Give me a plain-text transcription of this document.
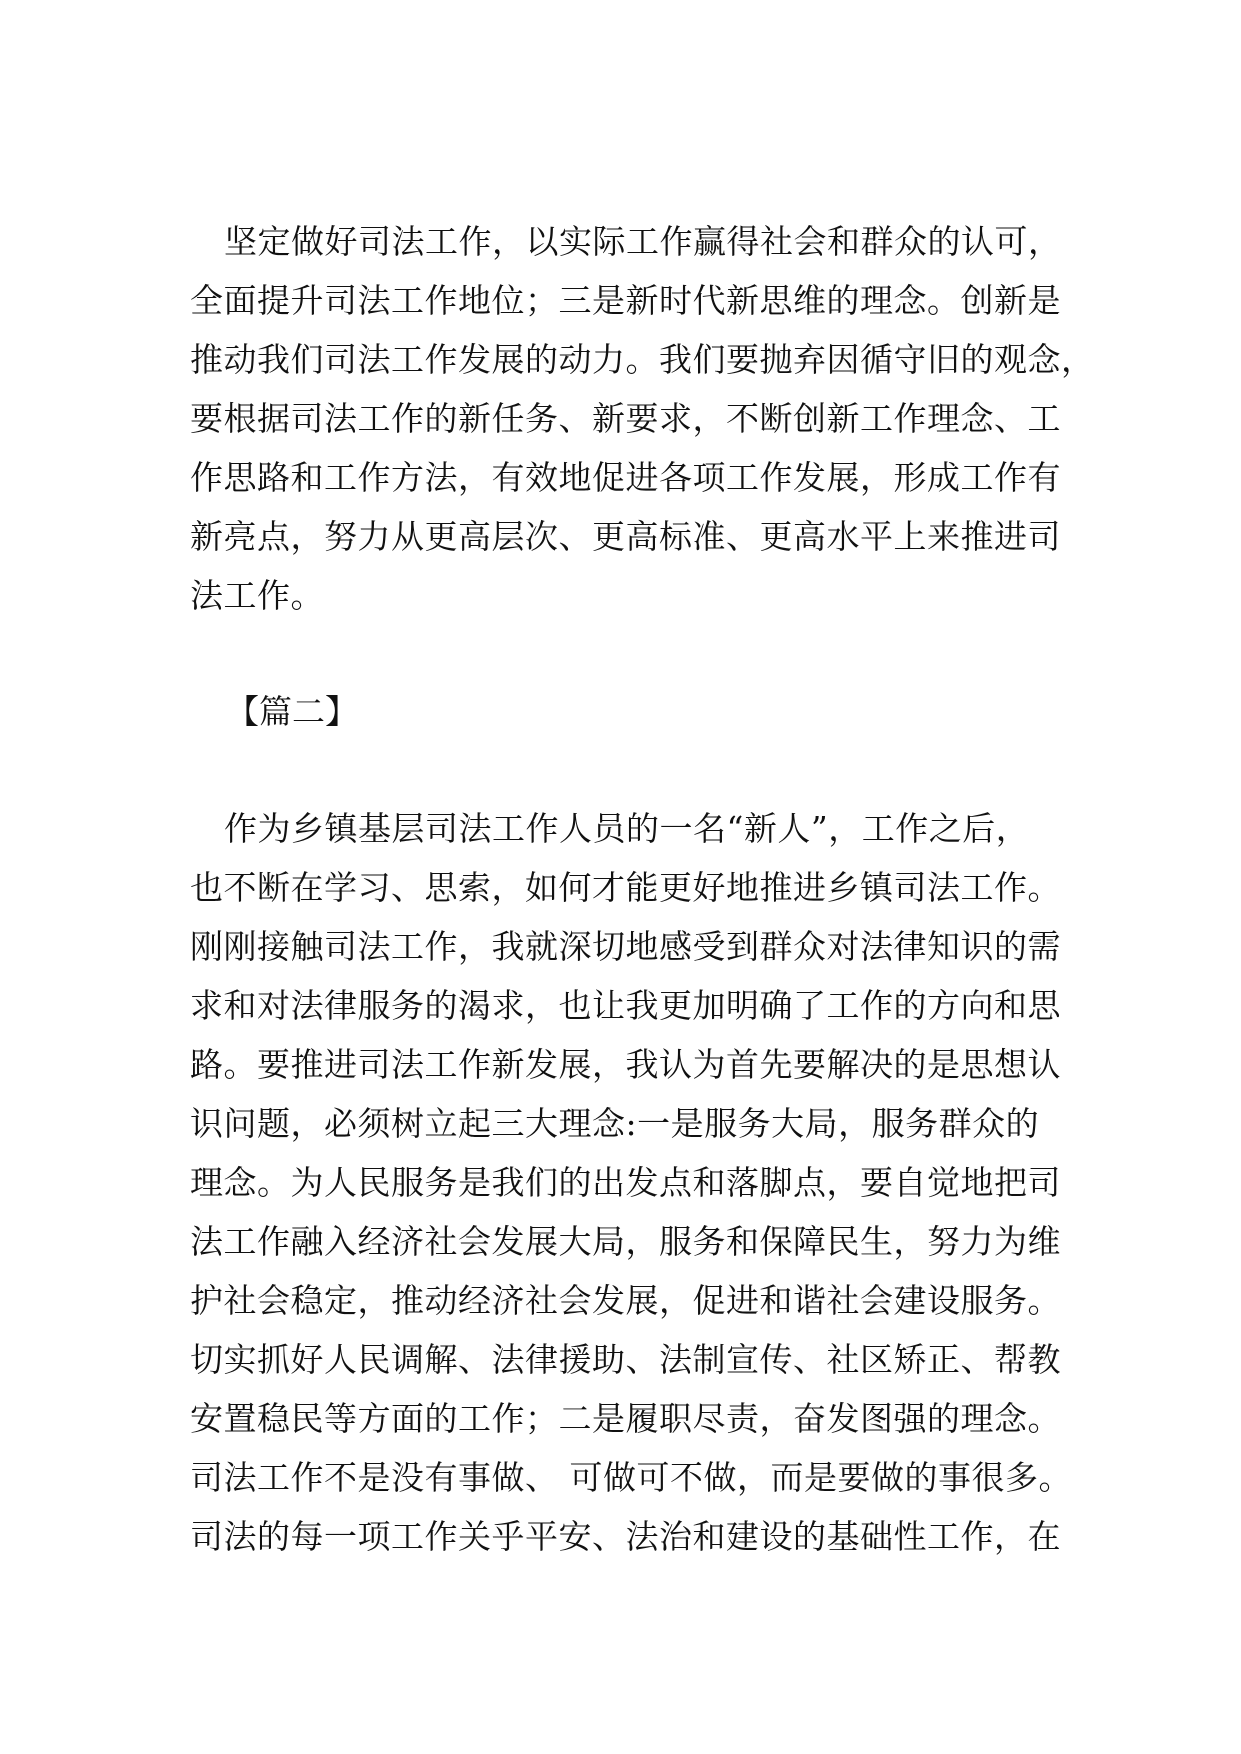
坚定做好司法工作，以实际工作赢得社会和群众的认可，
全面提升司法工作地位；三是新时代新思维的理念。创新是
推动我们司法工作发展的动力。我们要抛弃因循守旧的观念，
要根据司法工作的新任务、新要求，不断创新工作理念、工
作思路和工作方法，有效地促进各项工作发展，形成工作有
新亮点，努力从更高层次、更高标准、更高水平上来推进司
法工作。
【篇二】
作为乡镇基层司法工作人员的一名“新人”，工作之后，
也不断在学习、思索，如何才能更好地推进乡镇司法工作。
刚刚接触司法工作，我就深切地感受到群众对法律知识的需
求和对法律服务的渴求，也让我更加明确了工作的方向和思
路。要推进司法工作新发展，我认为首先要解决的是思想认
识问题，必须树立起三大理念:一是服务大局，服务群众的
理念。为人民服务是我们的出发点和落脚点，要自觉地把司
法工作融入经济社会发展大局，服务和保障民生，努力为维
护社会稳定，推动经济社会发展，促进和谐社会建设服务。
切实抓好人民调解、法律援助、法制宣传、社区矫正、帮教
安置稳民等方面的工作；二是履职尽责，奋发图强的理念。
司法工作不是没有事做、 可做可不做，而是要做的事很多。
司法的每一项工作关乎平安、法治和建设的基础性工作，在
